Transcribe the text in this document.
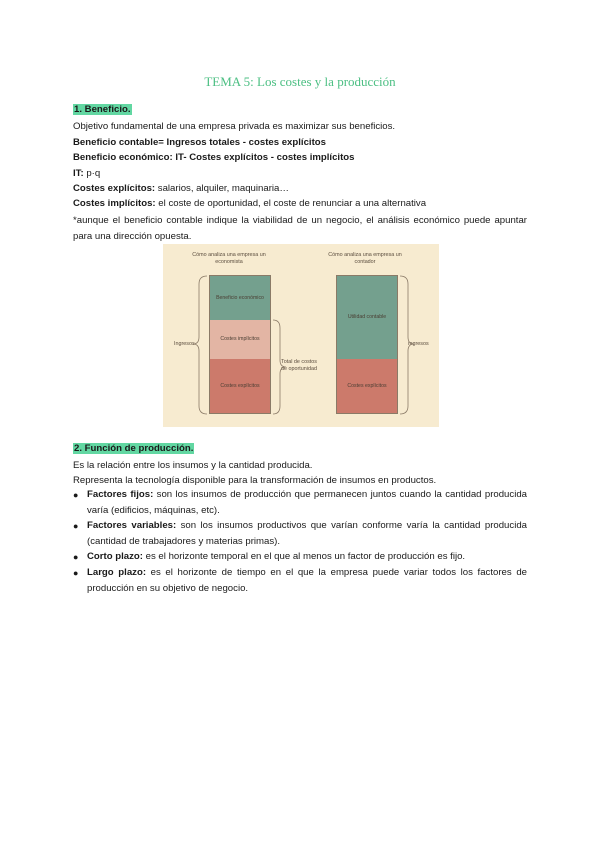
TEMA 5: Los costes y la producción
1. Beneficio.
Objetivo fundamental de una empresa privada es maximizar sus beneficios.
Beneficio contable= Ingresos totales - costes explícitos
Beneficio económico: IT- Costes explícitos - costes implícitos
IT: p·q
Costes explícitos: salarios, alquiler, maquinaria…
Costes implícitos: el coste de oportunidad, el coste de renunciar a una alternativa
*aunque el beneficio contable indique la viabilidad de un negocio, el análisis económico puede apuntar para una dirección opuesta.
Cómo analiza una empresa un economista
Cómo analiza una empresa un contador
Beneficio económico
Costes implícitos
Costes explícitos
Utilidad contable
Costes explícitos
Ingresos	Ingresos
Total de costos de oportunidad
2. Función de producción.
Es la relación entre los insumos y la cantidad producida.
Representa la tecnología disponible para la transformación de insumos en productos.
● Factores fijos: son los insumos de producción que permanecen juntos cuando la cantidad producida varía (edificios, máquinas, etc).
● Factores variables: son los insumos productivos que varían conforme varía la cantidad producida (cantidad de trabajadores y materias primas).
● Corto plazo: es el horizonte temporal en el que al menos un factor de producción es fijo.
● Largo plazo: es el horizonte de tiempo en el que la empresa puede variar todos los factores de producción en su objetivo de negocio.
